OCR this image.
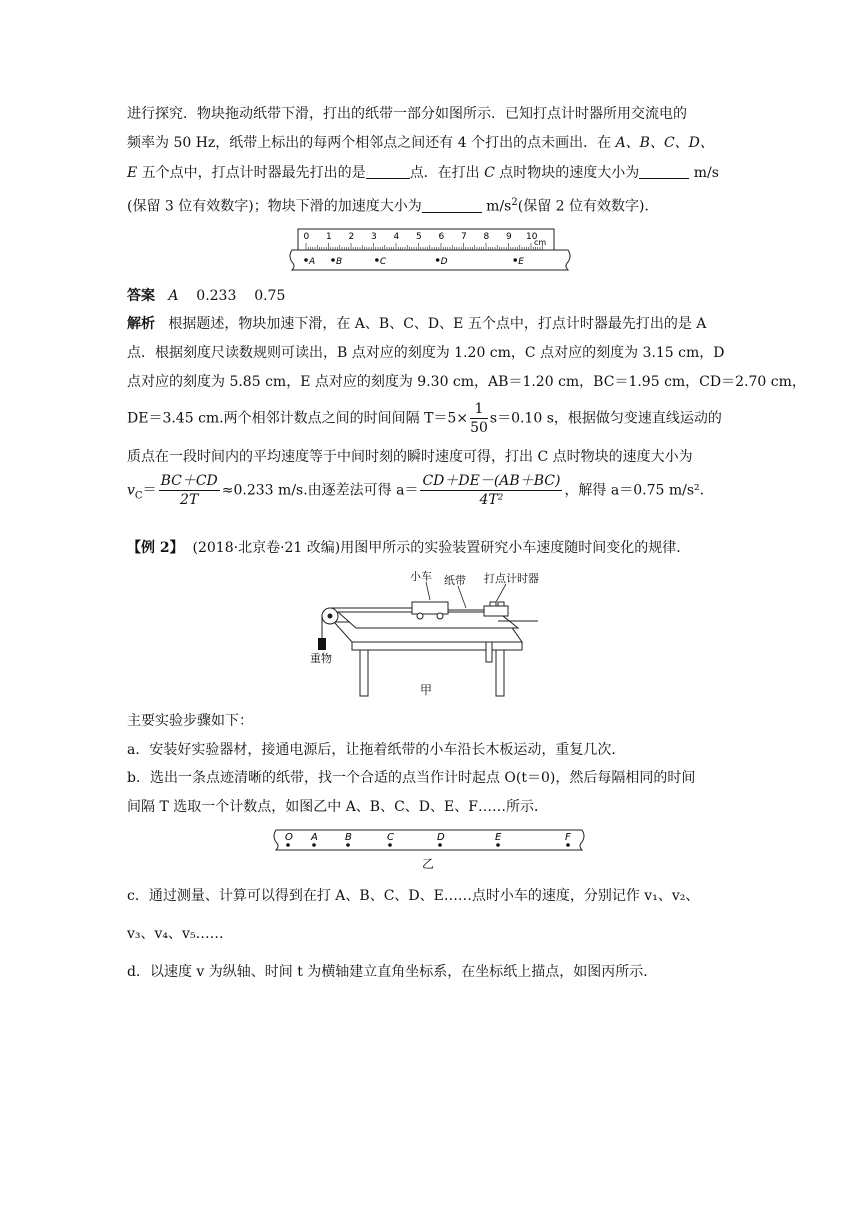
进行探究．物块拖动纸带下滑，打出的纸带一部分如图所示．已知打点计时器所用交流电的
频率为 50 Hz，纸带上标出的每两个相邻点之间还有 4 个打出的点未画出．在 A、B、C、D、
E 五个点中，打点计时器最先打出的是	点．在打出 C 点时物块的速度大小为	m/s
(保留 3 位有效数字)；物块下滑的加速度大小为	$m/s^2$(保留 2 位有效数字)．
0 1 2 3 4 5 6 7 8 9 10
cm
A B	C	D	E
答案 A 0.233 0.75
解析 根据题述，物块加速下滑，在 A、B、C、D、E 五个点中，打点计时器最先打出的是 A
点．根据刻度尺读数规则可读出，B 点对应的刻度为 1.20 cm，C 点对应的刻度为 3.15 cm，D
点对应的刻度为 5.85 cm，E 点对应的刻度为 9.30 cm，AB＝1.20 cm，BC＝1.95 cm，CD＝2.70 cm，
DE＝3.45 cm.两个相邻计数点之间的时间间隔 $T=5\times \frac{1}{50} s=0.10$ s，根据做匀变速直线运动的
质点在一段时间内的平均速度等于中间时刻的瞬时速度可得，打出 C 点时物块的速度大小为
$v_C= \frac{BC+CD}{2T} \approx 0.233$ m/s.由逐差法可得 $a= \frac{CD+DE-(AB+BC)}{\text{4T²}}$ ，解得 a＝0.75 m/s².
【例 2】 (2018·北京卷·21 改编)用图甲所示的实验装置研究小车速度随时间变化的规律．
小车 纸带 打点计时器
重物
甲
主要实验步骤如下：
a．安装好实验器材，接通电源后，让拖着纸带的小车沿长木板运动，重复几次．
b．选出一条点迹清晰的纸带，找一个合适的点当作计时起点 O(t＝0)，然后每隔相同的时间
间隔 T 选取一个计数点，如图乙中 A、B、C、D、E、F……所示．
O A	B	C	D	E	F
乙
c．通过测量、计算可以得到在打 A、B、C、D、E……点时小车的速度，分别记作 v₁、v₂、
v₃、v₄、v₅……
d．以速度 v 为纵轴、时间 t 为横轴建立直角坐标系，在坐标纸上描点，如图丙所示．
